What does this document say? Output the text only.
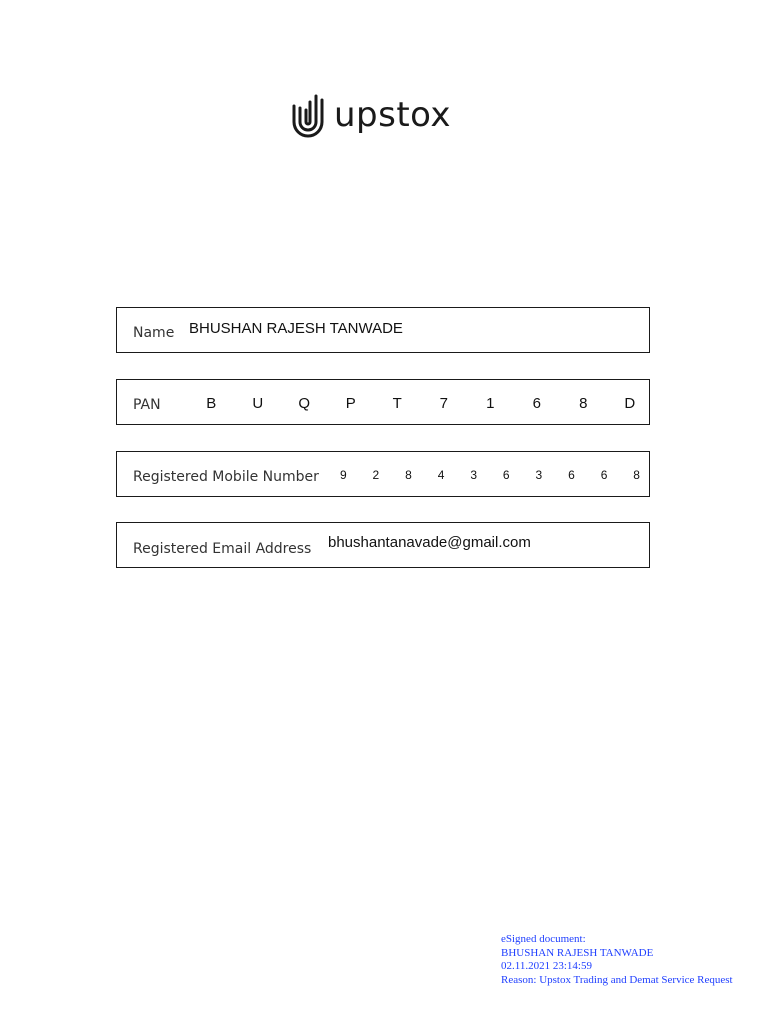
upstox
Name BHUSHAN RAJESH TANWADE
PAN	B	U	Q	P	T	7	1	6	8	D
Registered Mobile Number	9	2	8	4	3	6	3	6	6	8
Registered Email Address bhushantanavade@gmail.com
eSigned document:
BHUSHAN RAJESH TANWADE
02.11.2021 23:14:59
Reason: Upstox Trading and Demat Service Request
